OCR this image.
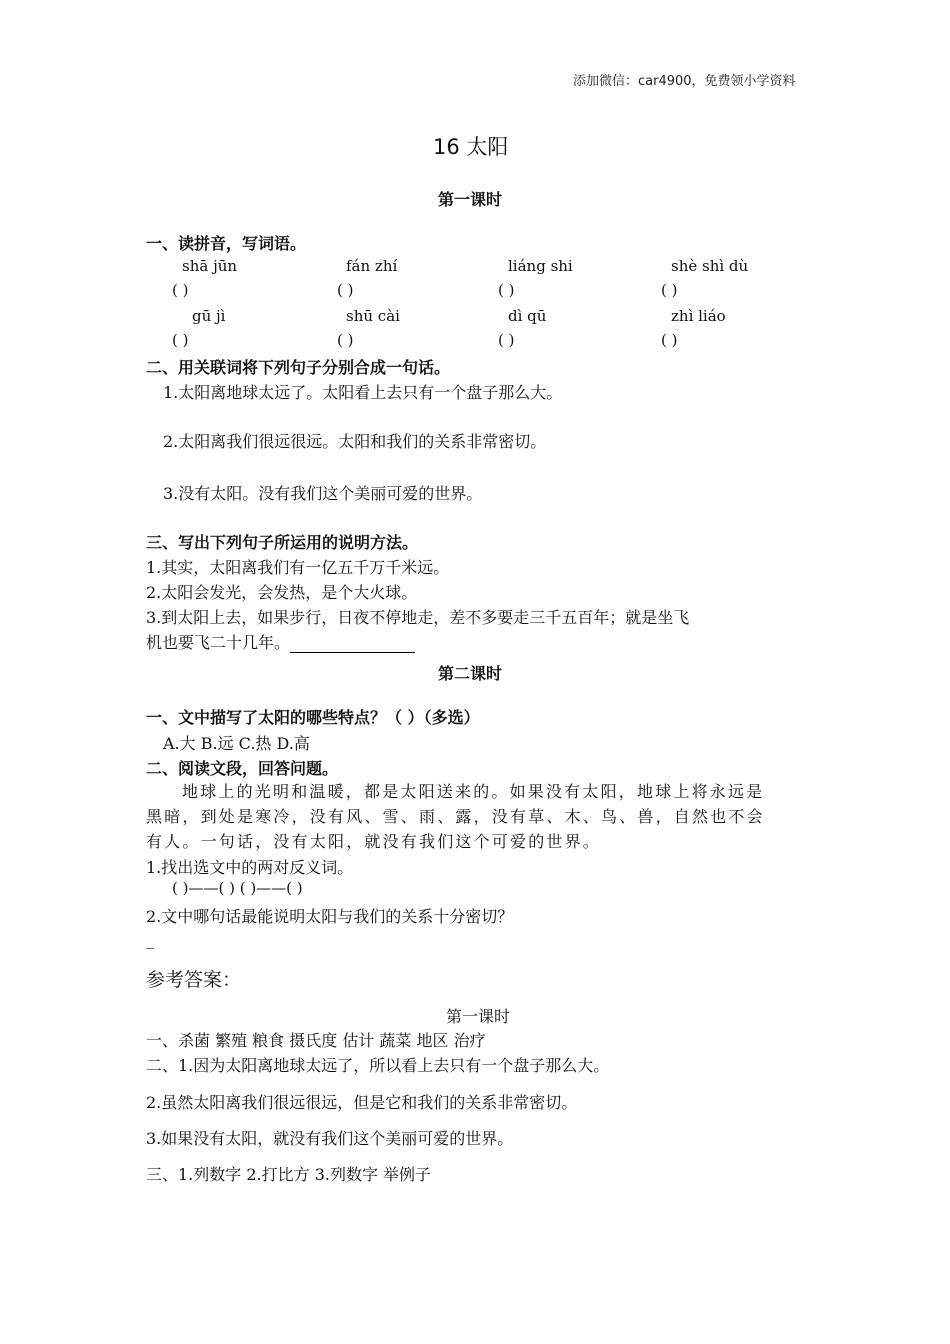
添加微信：car4900，免费领小学资料
16 太阳
第一课时
一、读拼音，写词语。
shā jūn	fán zhí	liáng shi	shè shì dù
( )	( )	( )	( )
gū jì	shū cài	dì qū	zhì liáo
( )	( )	( )	( )
二、用关联词将下列句子分别合成一句话。
1.太阳离地球太远了。太阳看上去只有一个盘子那么大。
2.太阳离我们很远很远。太阳和我们的关系非常密切。
3.没有太阳。没有我们这个美丽可爱的世界。
三、写出下列句子所运用的说明方法。
1.其实，太阳离我们有一亿五千万千米远。
2.太阳会发光，会发热，是个大火球。
3.到太阳上去，如果步行，日夜不停地走，差不多要走三千五百年；就是坐飞
机也要飞二十几年。
第二课时
一、文中描写了太阳的哪些特点？（ ）（多选）
A.大 B.远 C.热 D.高
二、阅读文段，回答问题。
地球上的光明和温暖，都是太阳送来的。如果没有太阳，地球上将永远是
黑暗，到处是寒冷，没有风、雪、雨、露，没有草、木、鸟、兽，自然也不会
有人。一句话，没有太阳，就没有我们这个可爱的世界。
1.找出选文中的两对反义词。
( )——( ) ( )——( )
2.文中哪句话最能说明太阳与我们的关系十分密切？
_
参考答案：
第一课时
一、杀菌 繁殖 粮食 摄氏度 估计 蔬菜 地区 治疗
二、1.因为太阳离地球太远了，所以看上去只有一个盘子那么大。
2.虽然太阳离我们很远很远，但是它和我们的关系非常密切。
3.如果没有太阳，就没有我们这个美丽可爱的世界。
三、1.列数字 2.打比方 3.列数字 举例子
